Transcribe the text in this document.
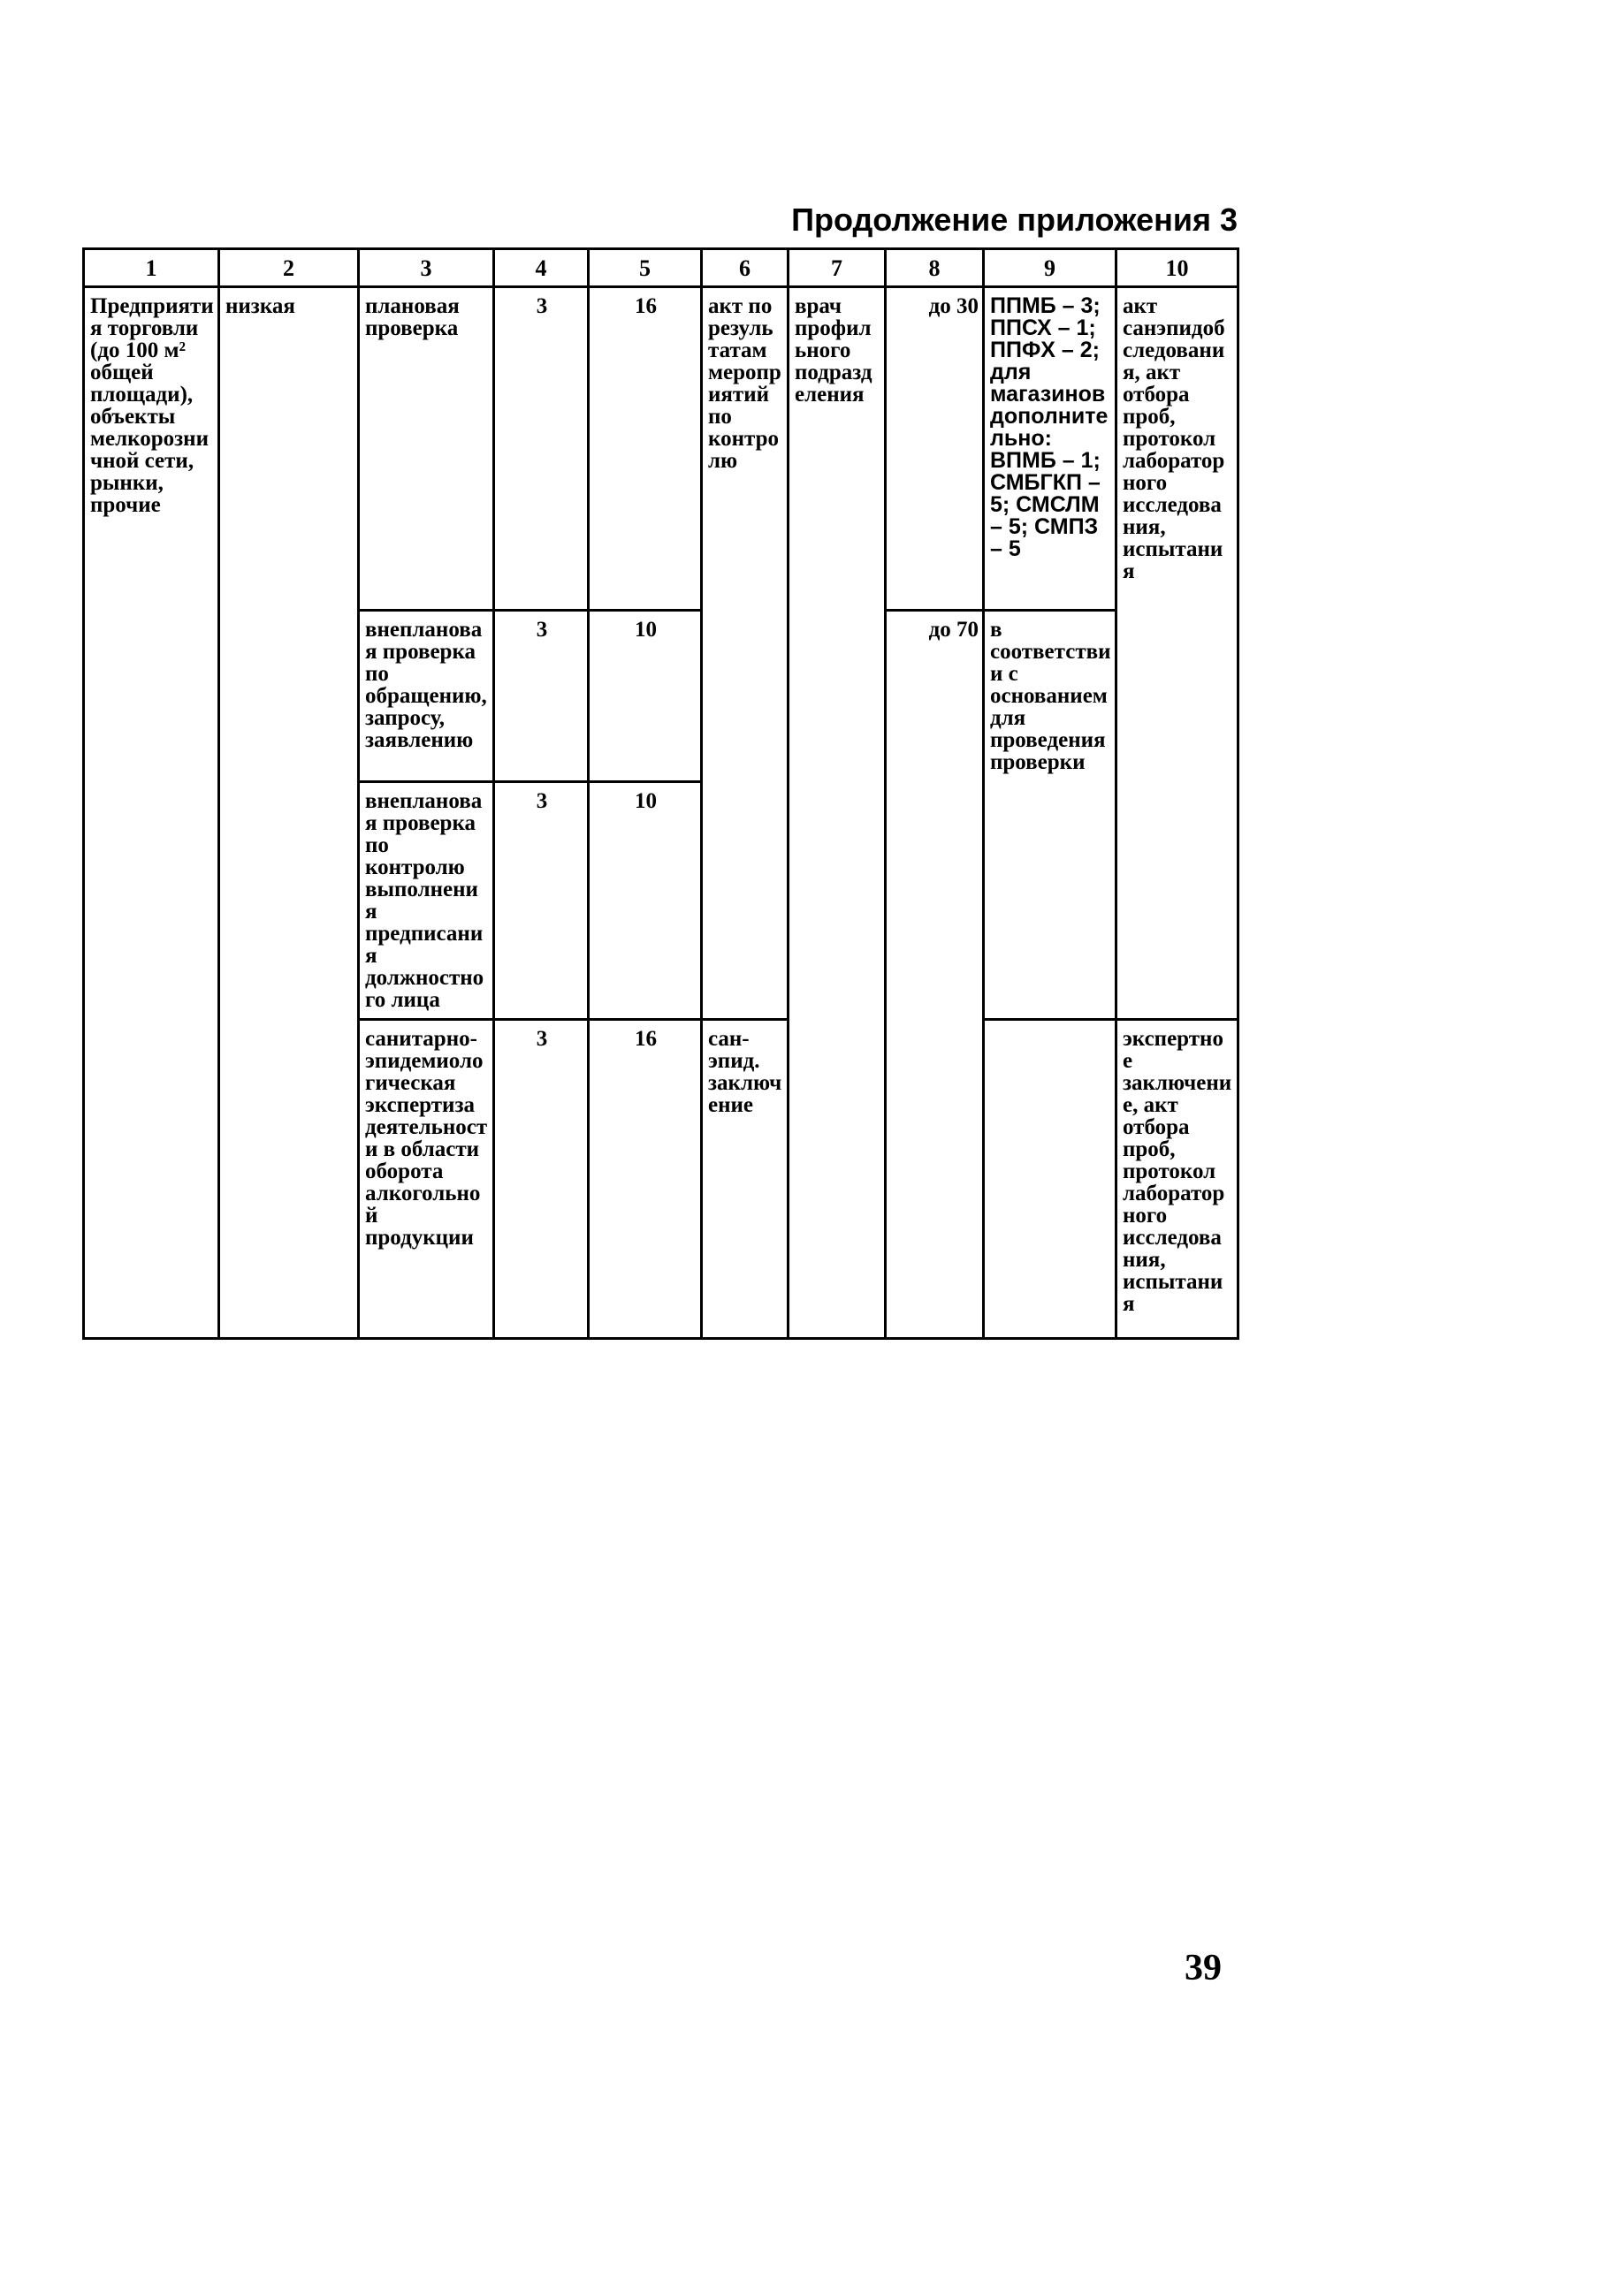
Продолжение приложения 3
1	2	3	4	5	6	7	8	9	10
Предприятия торговли (до 100 м² общей площади), объекты мелкорозничной сети, рынки, прочие	низкая	плановая проверка	3	16	акт по результатам мероприятий по контролю	врач профильного подразделения	до 30	ППМБ – 3; ППСХ – 1; ППФХ – 2; для магазинов дополнительно: ВПМБ – 1; СМБГКП – 5; СМСЛМ – 5; СМПЗ – 5	акт санэпидобследования, акт отбора проб, протокол лабораторного исследования, испытания
		внеплановая проверка по обращению, запросу, заявлению	3	10			до 70	в соответствии с основанием для проведения проверки	
		внеплановая проверка по контролю выполнения предписания должностного лица	3	10					
		санитарно-эпидемиологическая экспертиза деятельности в области оборота алкогольной продукции	3	16	сан-эпид. заключение				экспертное заключение, акт отбора проб, протокол лабораторного исследования, испытания
39
